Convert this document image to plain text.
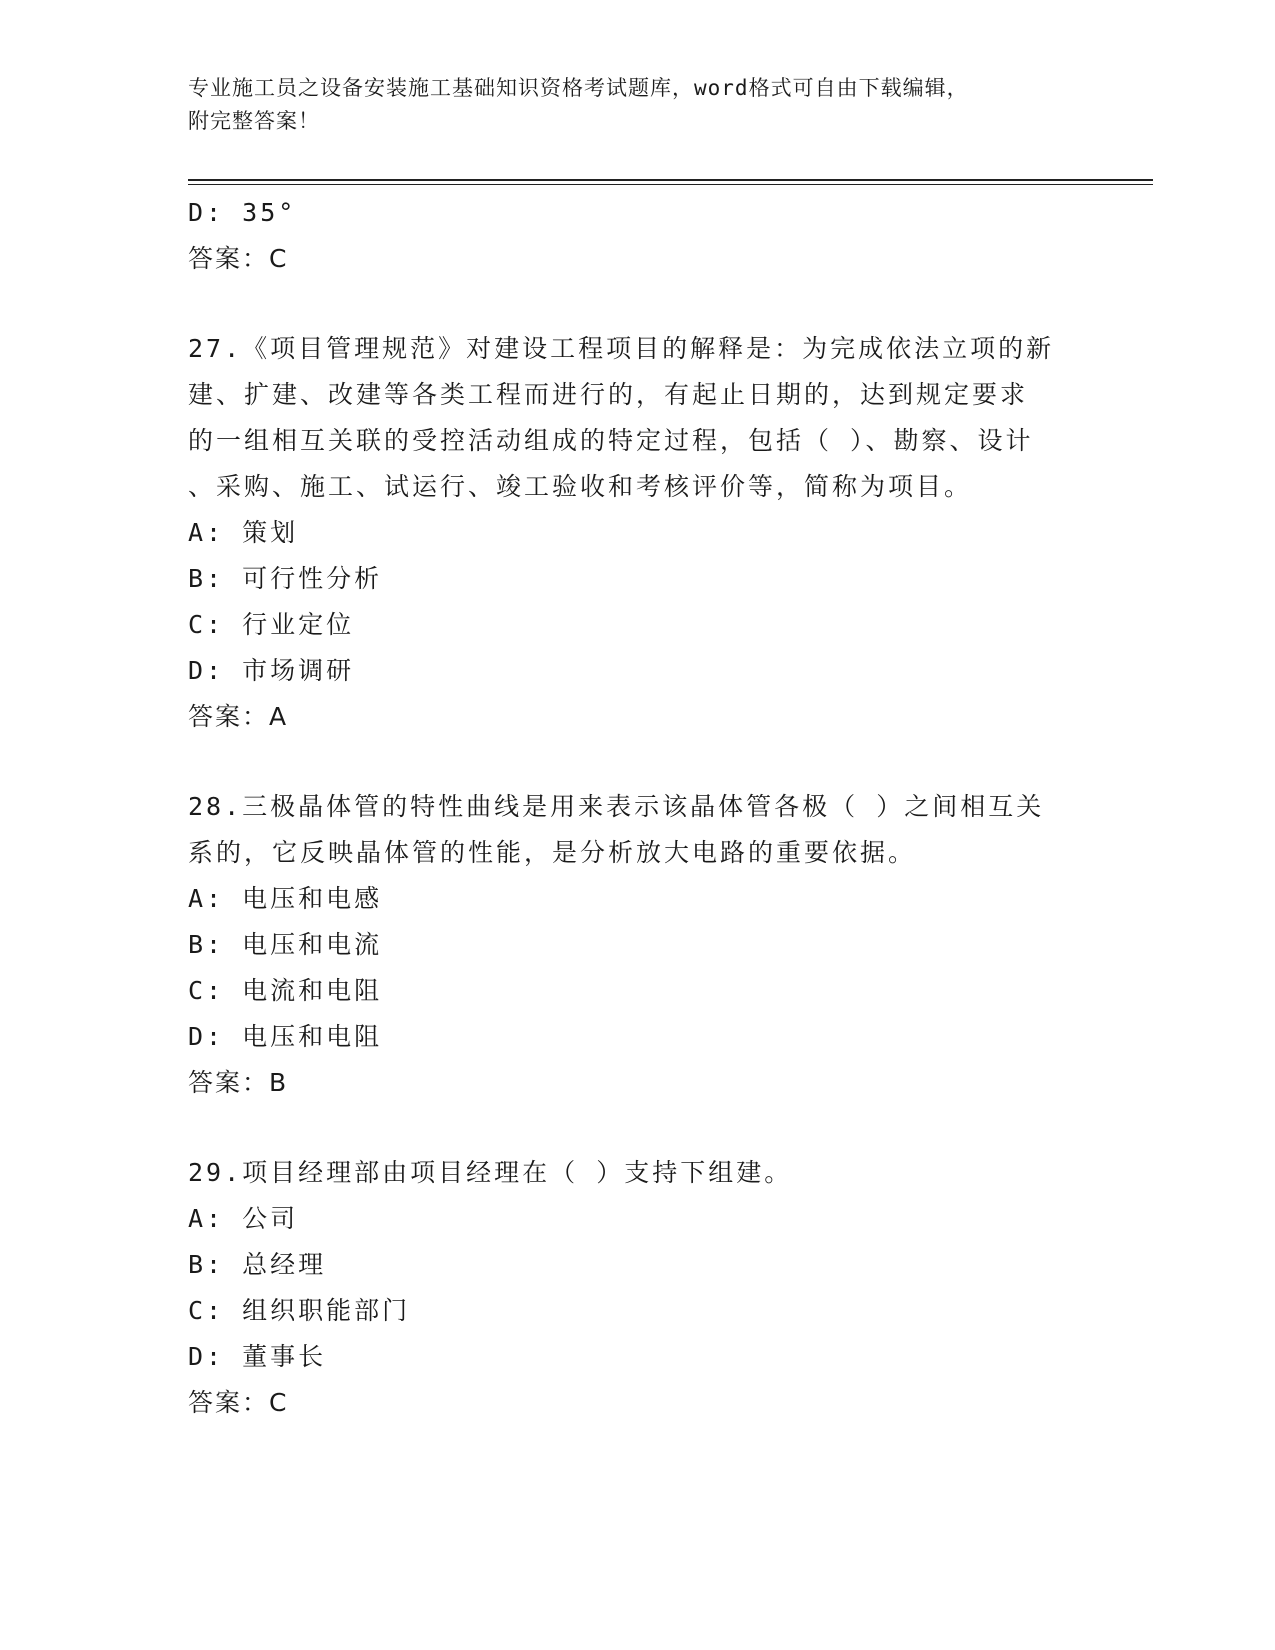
专业施工员之设备安装施工基础知识资格考试题库，word格式可自由下载编辑，
附完整答案！
D: 35°
答案：C
27.《项目管理规范》对建设工程项目的解释是：为完成依法立项的新
建、扩建、改建等各类工程而进行的，有起止日期的，达到规定要求
的一组相互关联的受控活动组成的特定过程，包括（ ）、勘察、设计
、采购、施工、试运行、竣工验收和考核评价等，简称为项目。
A: 策划
B: 可行性分析
C: 行业定位
D: 市场调研
答案：A
28.三极晶体管的特性曲线是用来表示该晶体管各极（ ）之间相互关
系的，它反映晶体管的性能，是分析放大电路的重要依据。
A: 电压和电感
B: 电压和电流
C: 电流和电阻
D: 电压和电阻
答案：B
29.项目经理部由项目经理在（ ）支持下组建。
A: 公司
B: 总经理
C: 组织职能部门
D: 董事长
答案：C
